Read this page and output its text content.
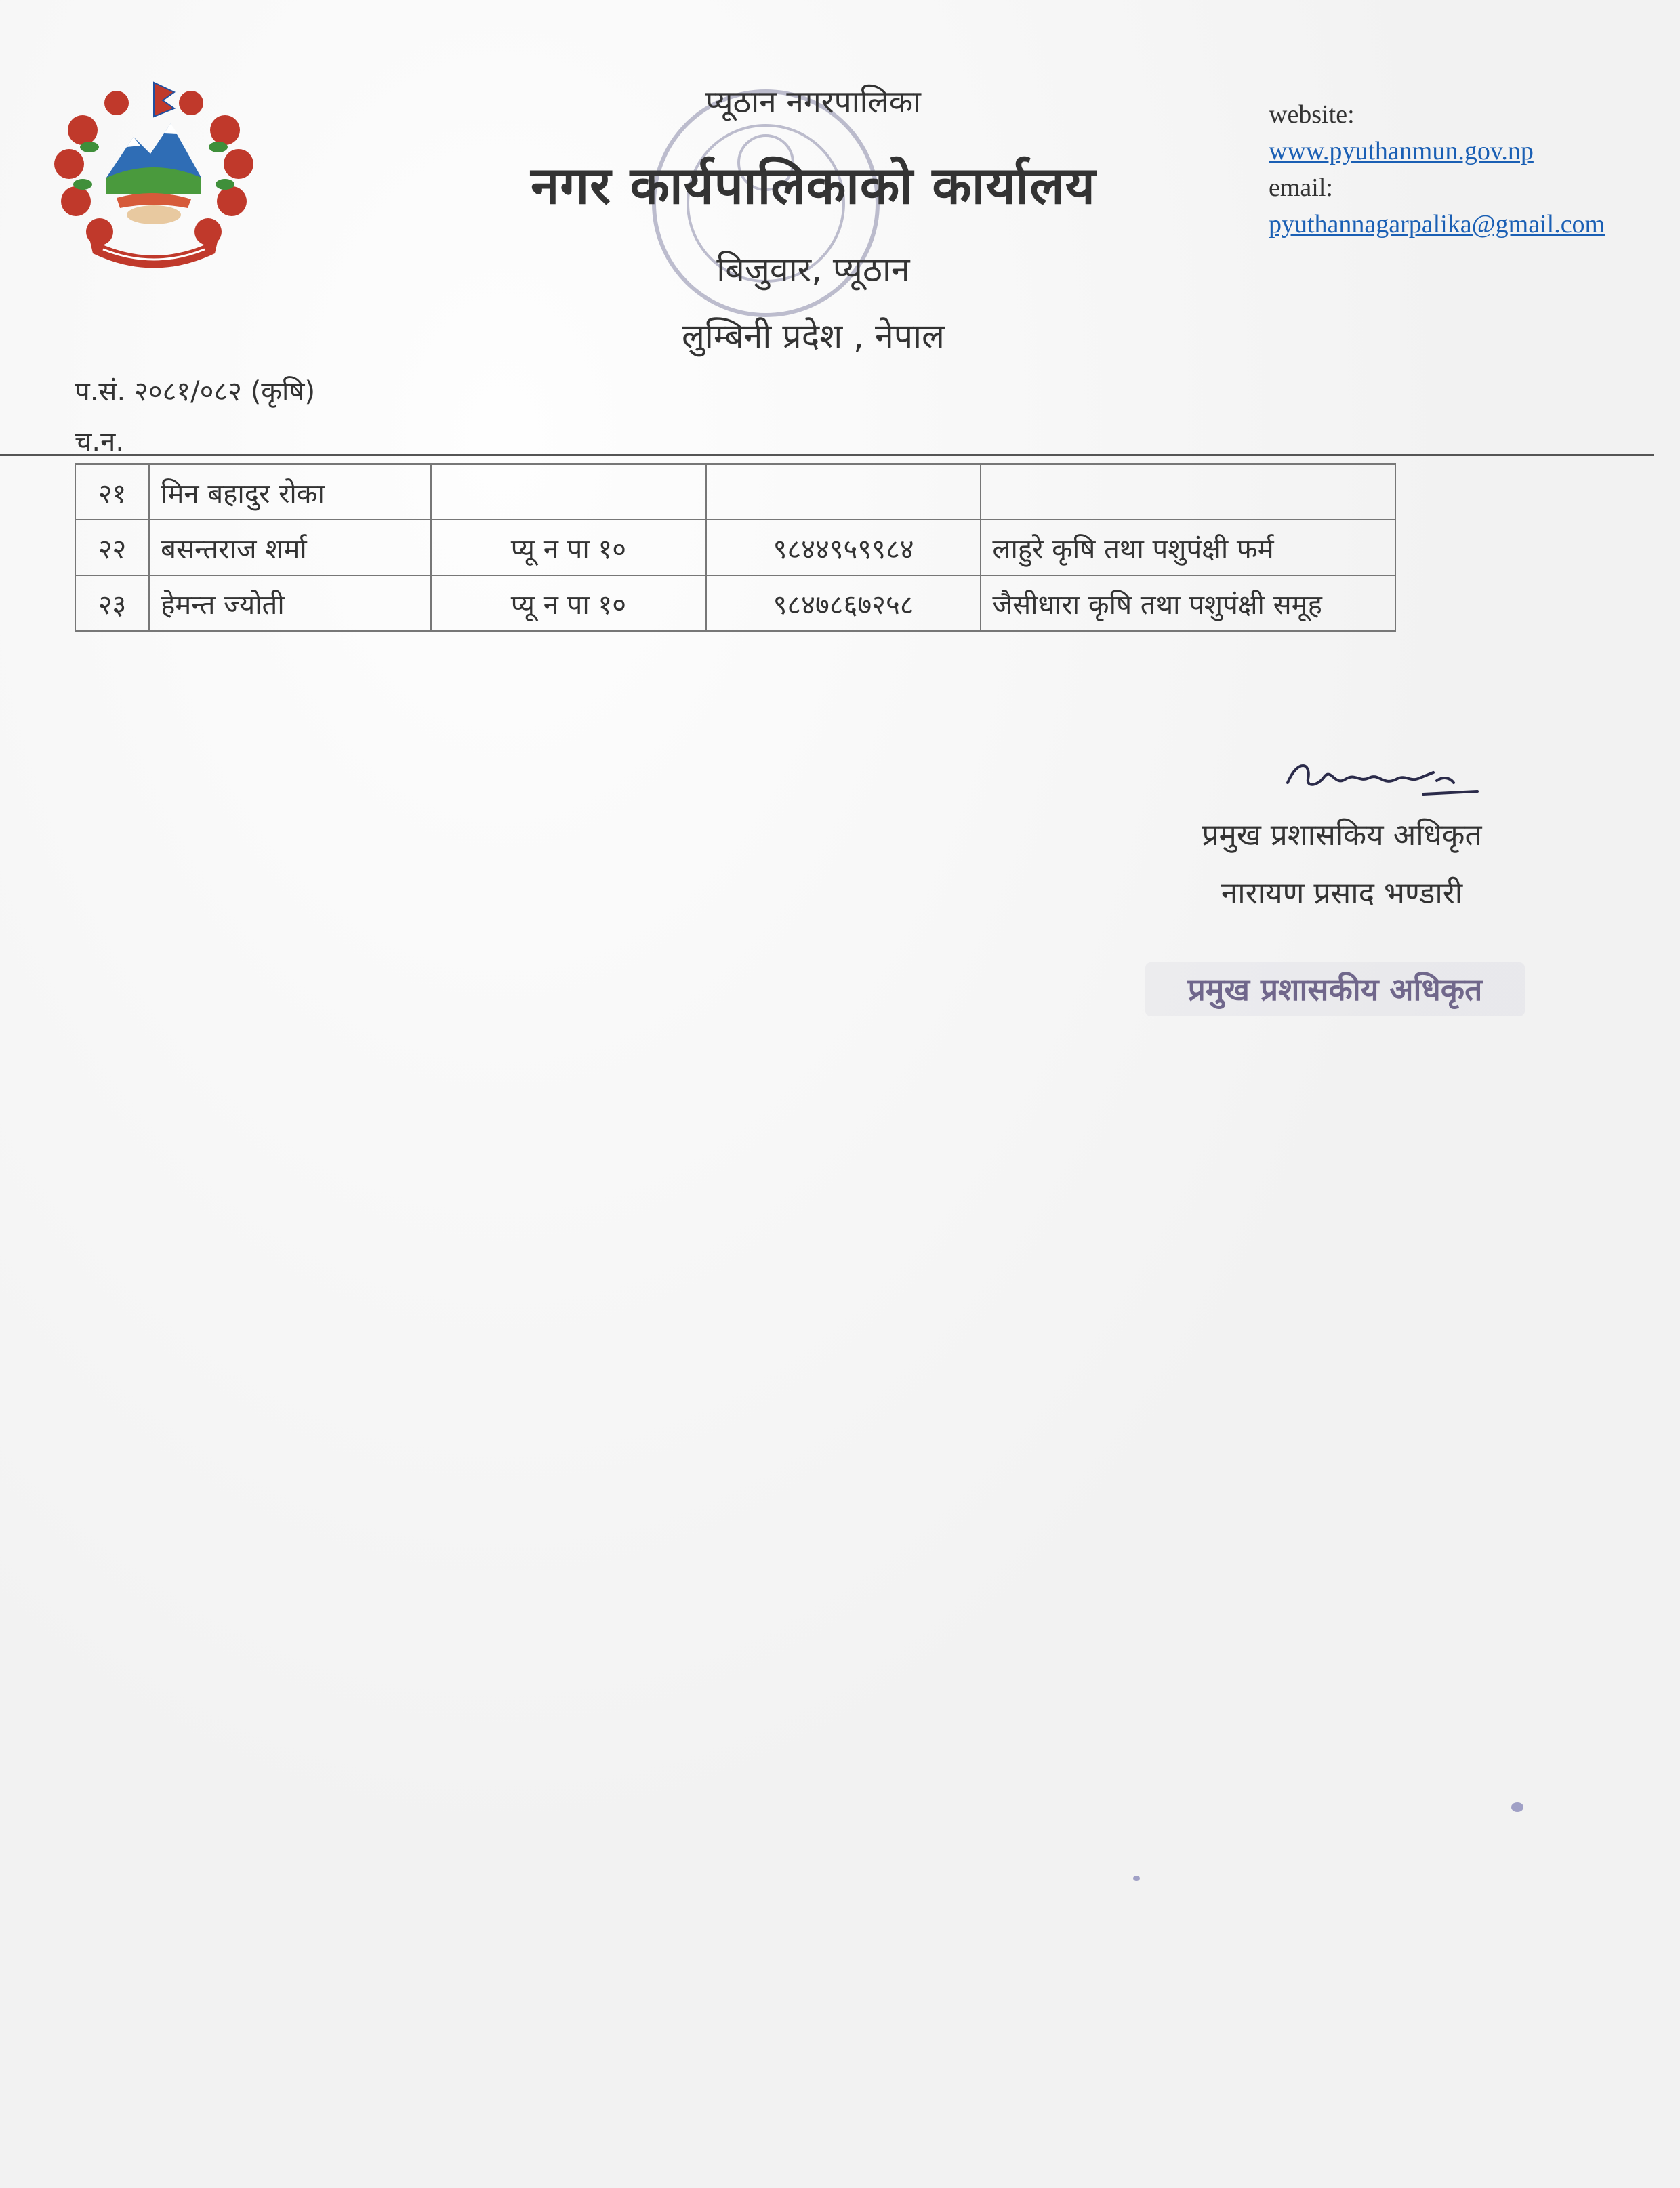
प्यूठान नगरपालिका
नगर कार्यपालिकाको कार्यालय
बिजुवार, प्यूठान
लुम्बिनी प्रदेश , नेपाल
website:
www.pyuthanmun.gov.np
email:
pyuthannagarpalika@gmail.com
प.सं. २०८१/०८२ (कृषि)
च.न.
२१	मिन बहादुर रोका			
२२	बसन्तराज शर्मा	प्यू न पा १०	९८४४९५९९८४	लाहुरे कृषि तथा पशुपंक्षी फर्म
२३	हेमन्त ज्योती	प्यू न पा १०	९८४७८६७२५८	जैसीधारा कृषि तथा पशुपंक्षी समूह
प्रमुख प्रशासकिय अधिकृत
नारायण प्रसाद भण्डारी
प्रमुख प्रशासकीय अधिकृत
